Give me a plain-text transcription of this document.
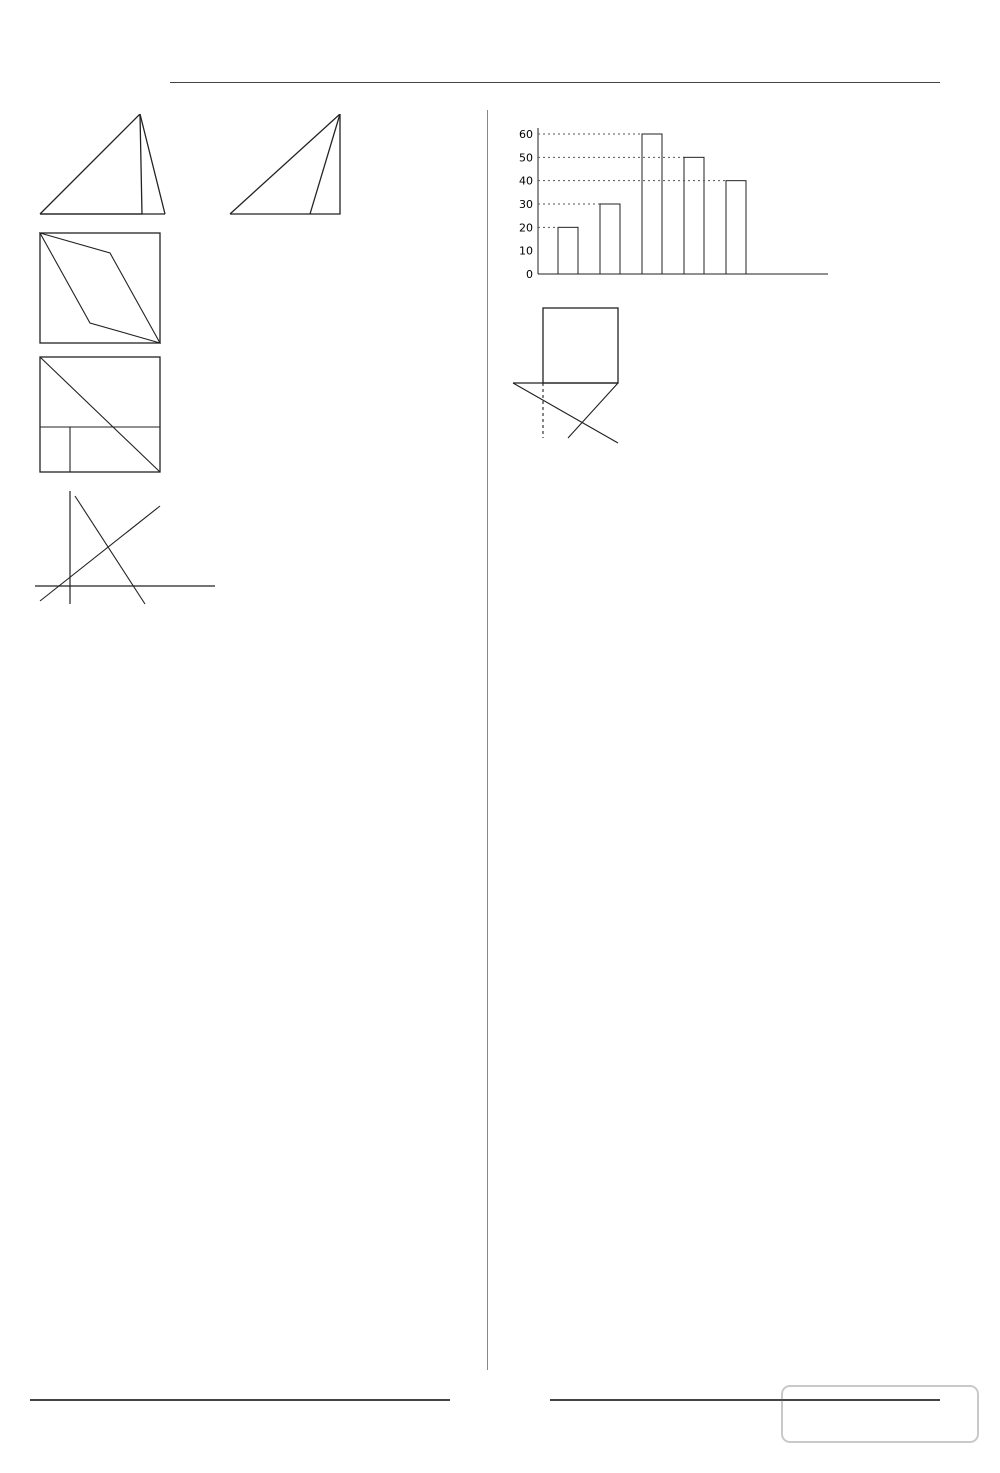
0
10
20
30
40
50
60
